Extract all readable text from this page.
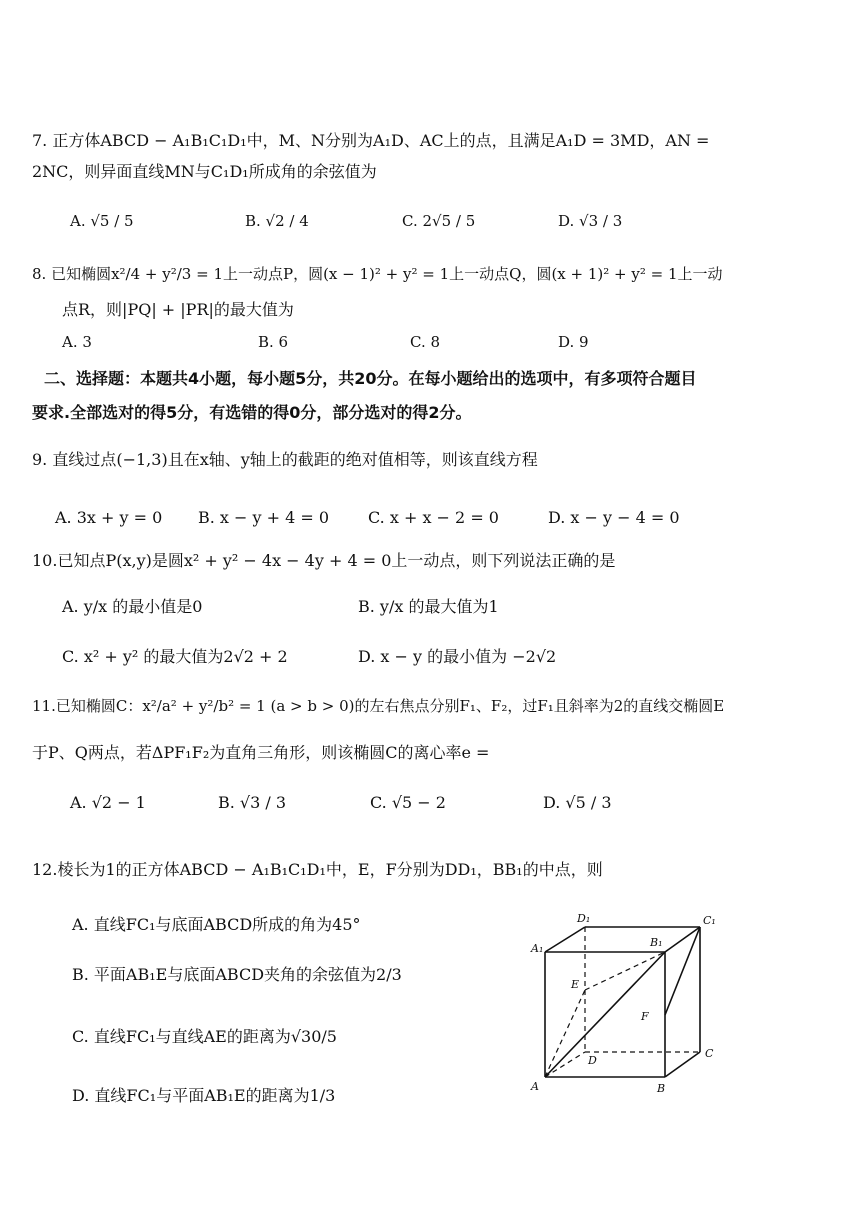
7. 正方体ABCD − A₁B₁C₁D₁中，M、N分别为A₁D、AC上的点，且满足A₁D = 3MD，AN =
2NC，则异面直线MN与C₁D₁所成角的余弦值为
A. √5 / 5	B. √2 / 4	C. 2√5 / 5	D. √3 / 3
8. 已知椭圆x²/4 + y²/3 = 1上一动点P，圆(x − 1)² + y² = 1上一动点Q，圆(x + 1)² + y² = 1上一动
点R，则|PQ| + |PR|的最大值为
A. 3	B. 6	C. 8	D. 9
二、选择题：本题共4小题，每小题5分，共20分。在每小题给出的选项中，有多项符合题目
要求.全部选对的得5分，有选错的得0分，部分选对的得2分。
9. 直线过点(−1,3)且在x轴、y轴上的截距的绝对值相等，则该直线方程
A. 3x + y = 0 B. x − y + 4 = 0 C. x + x − 2 = 0	D. x − y − 4 = 0
10.已知点P(x,y)是圆x² + y² − 4x − 4y + 4 = 0上一动点，则下列说法正确的是
A. y/x 的最小值是0	B. y/x 的最大值为1
C. x² + y² 的最大值为2√2 + 2	D. x − y 的最小值为 −2√2
11.已知椭圆C：x²/a² + y²/b² = 1 (a > b > 0)的左右焦点分别F₁、F₂，过F₁且斜率为2的直线交椭圆E
于P、Q两点，若ΔPF₁F₂为直角三角形，则该椭圆C的离心率e =
A. √2 − 1	B. √3 / 3	C. √5 − 2	D. √5 / 3
12.棱长为1的正方体ABCD − A₁B₁C₁D₁中，E，F分别为DD₁，BB₁的中点，则
A. 直线FC₁与底面ABCD所成的角为45°
B. 平面AB₁E与底面ABCD夹角的余弦值为2/3
C. 直线FC₁与直线AE的距离为√30/5
D. 直线FC₁与平面AB₁E的距离为1/3
A₁
D₁	C₁
B₁
E
F
D
C
A	B
